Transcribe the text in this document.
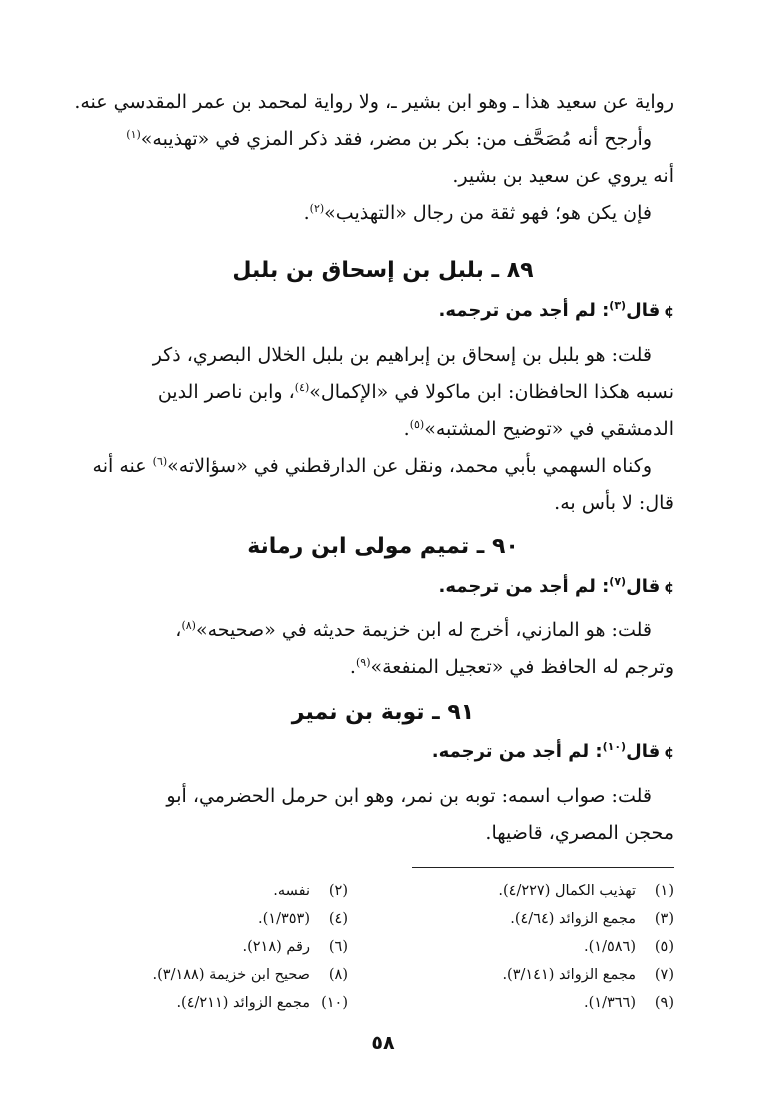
رواية عن سعيد هذا ـ وهو ابن بشير ـ، ولا رواية لمحمد بن عمر المقدسي عنه.
وأرجح أنه مُصَحَّف من: بكر بن مضر، فقد ذكر المزي في «تهذيبه»$^{(١)}$
أنه يروي عن سعيد بن بشير.
فإن يكن هو؛ فهو ثقة من رجال «التهذيب»$^{(٢)}$.

٨٩ ـ بلبل بن إسحاق بن بلبل

¢قال$^{(٣)}$: لم أجد من ترجمه.

قلت: هو بلبل بن إسحاق بن إبراهيم بن بلبل الخلال البصري، ذكر
نسبه هكذا الحافظان: ابن ماكولا في «الإكمال»$^{(٤)}$، وابن ناصر الدين
الدمشقي في «توضيح المشتبه»$^{(٥)}$.
وكناه السهمي بأبي محمد، ونقل عن الدارقطني في «سؤالاته»$^{(٦)}$ عنه أنه
قال: لا بأس به.

٩٠ ـ تميم مولى ابن رمانة

¢قال$^{(٧)}$: لم أجد من ترجمه.

قلت: هو المازني، أخرج له ابن خزيمة حديثه في «صحيحه»$^{(٨)}$،
وترجم له الحافظ في «تعجيل المنفعة»$^{(٩)}$.

٩١ ـ توبة بن نمير

¢قال$^{(١٠)}$: لم أجد من ترجمه.

قلت: صواب اسمه: توبه بن نمر، وهو ابن حرمل الحضرمي، أبو
محجن المصري، قاضيها.

(١)تهذيب الكمال (٤/٢٢٧).
(٣)مجمع الزوائد (٤/٦٤).
(٥)(١/٥٨٦).
(٧)مجمع الزوائد (٣/١٤١).
(٩)(١/٣٦٦).
(٢)نفسه.
(٤)(١/٣٥٣).
(٦)رقم (٢١٨).
(٨)صحيح ابن خزيمة (٣/١٨٨).
(١٠)مجمع الزوائد (٤/٢١١).
٥٨
